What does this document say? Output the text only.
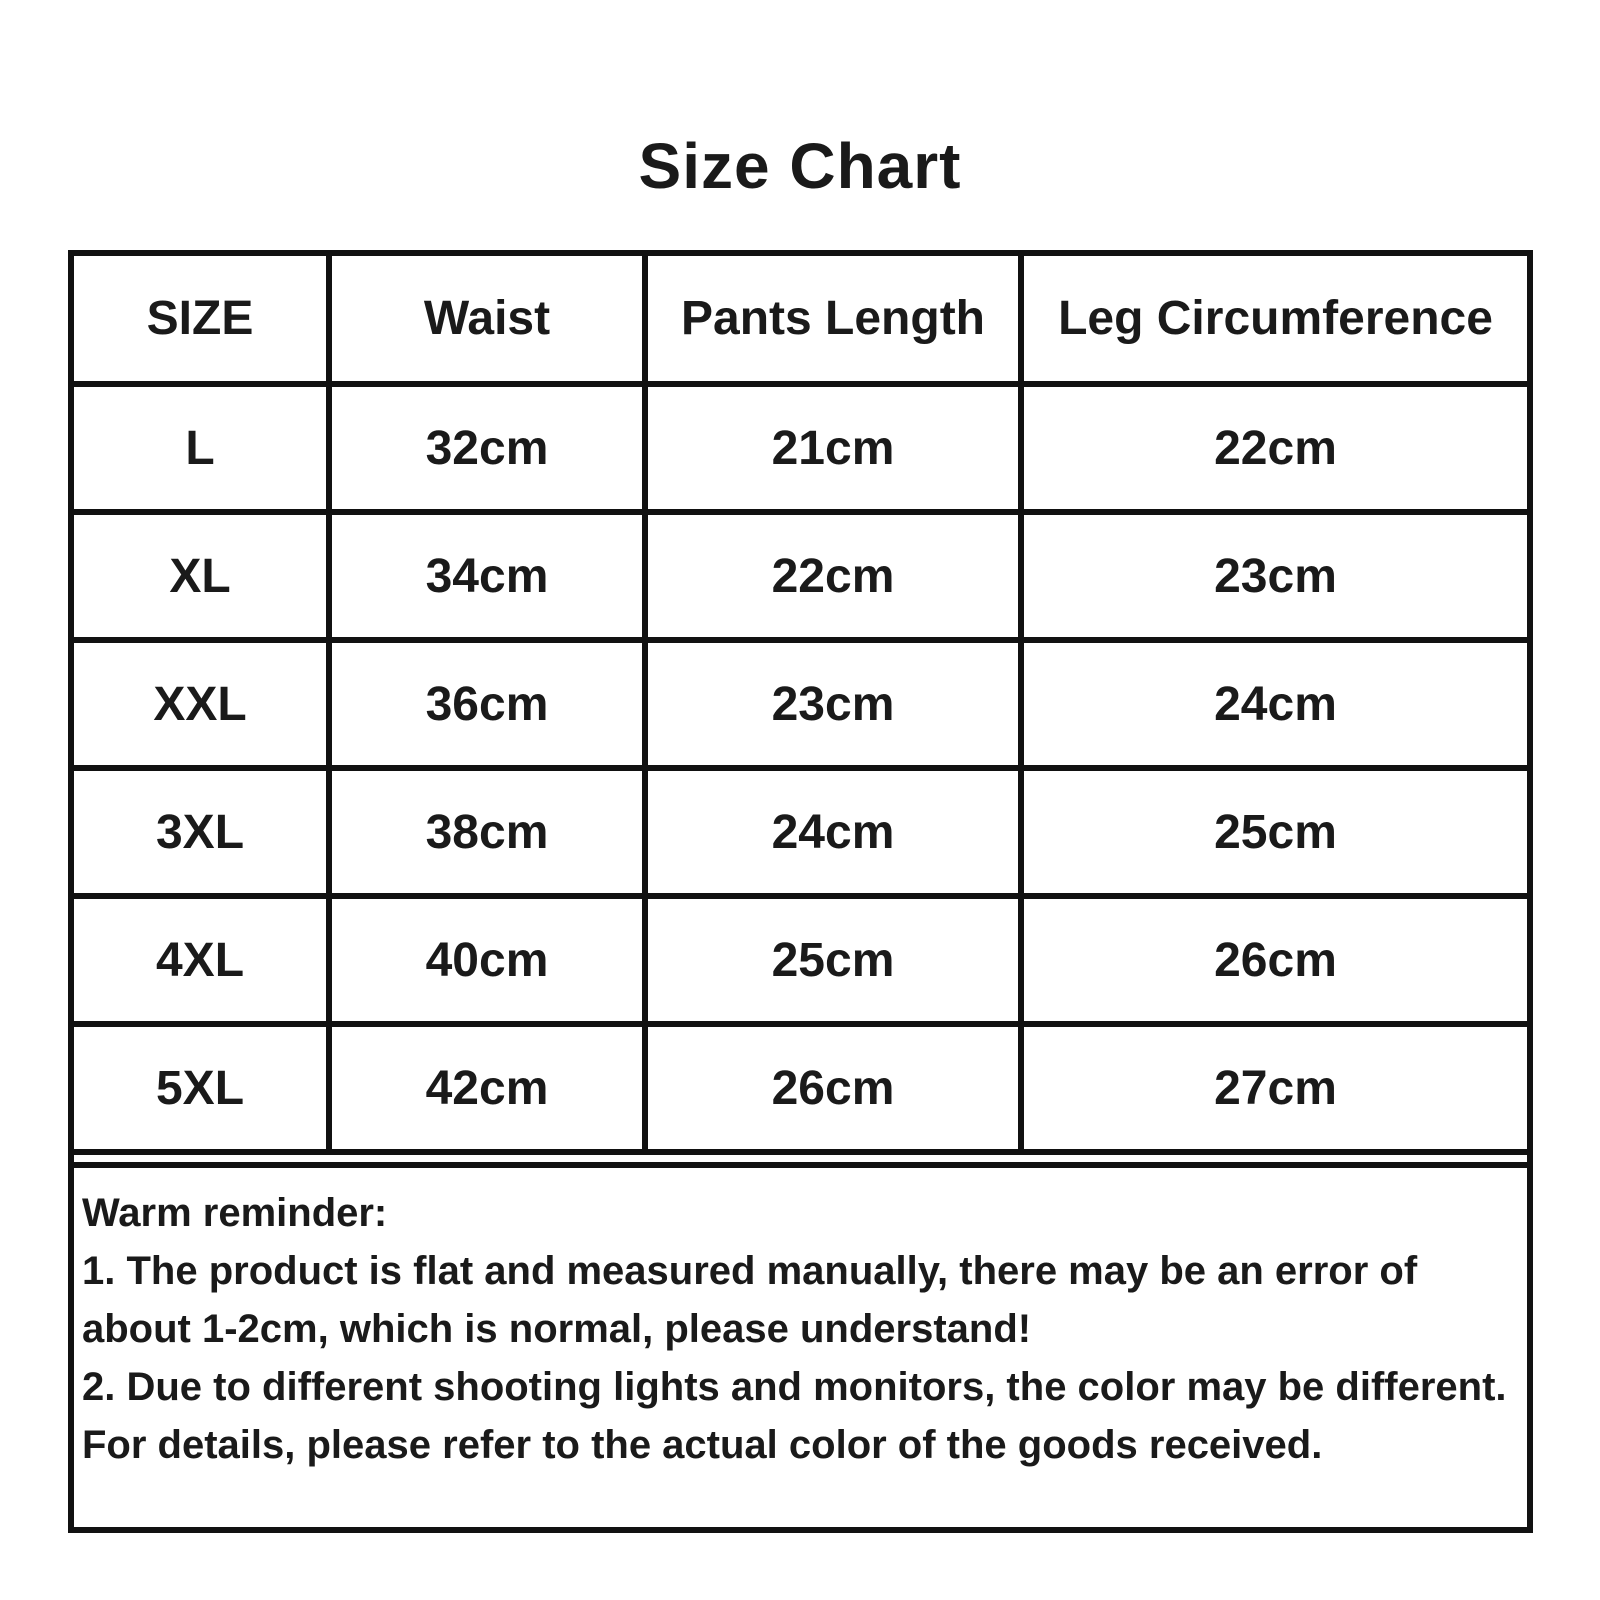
Size Chart
SIZE	Waist	Pants Length	Leg Circumference
L	32cm	21cm	22cm
XL	34cm	22cm	23cm
XXL	36cm	23cm	24cm
3XL	38cm	24cm	25cm
4XL	40cm	25cm	26cm
5XL	42cm	26cm	27cm

Warm reminder:

1. The product is flat and measured manually, there may be an error of about 1-2cm, which is normal, please understand!

2. Due to different shooting lights and monitors, the color may be different. For details, please refer to the actual color of the goods received.
